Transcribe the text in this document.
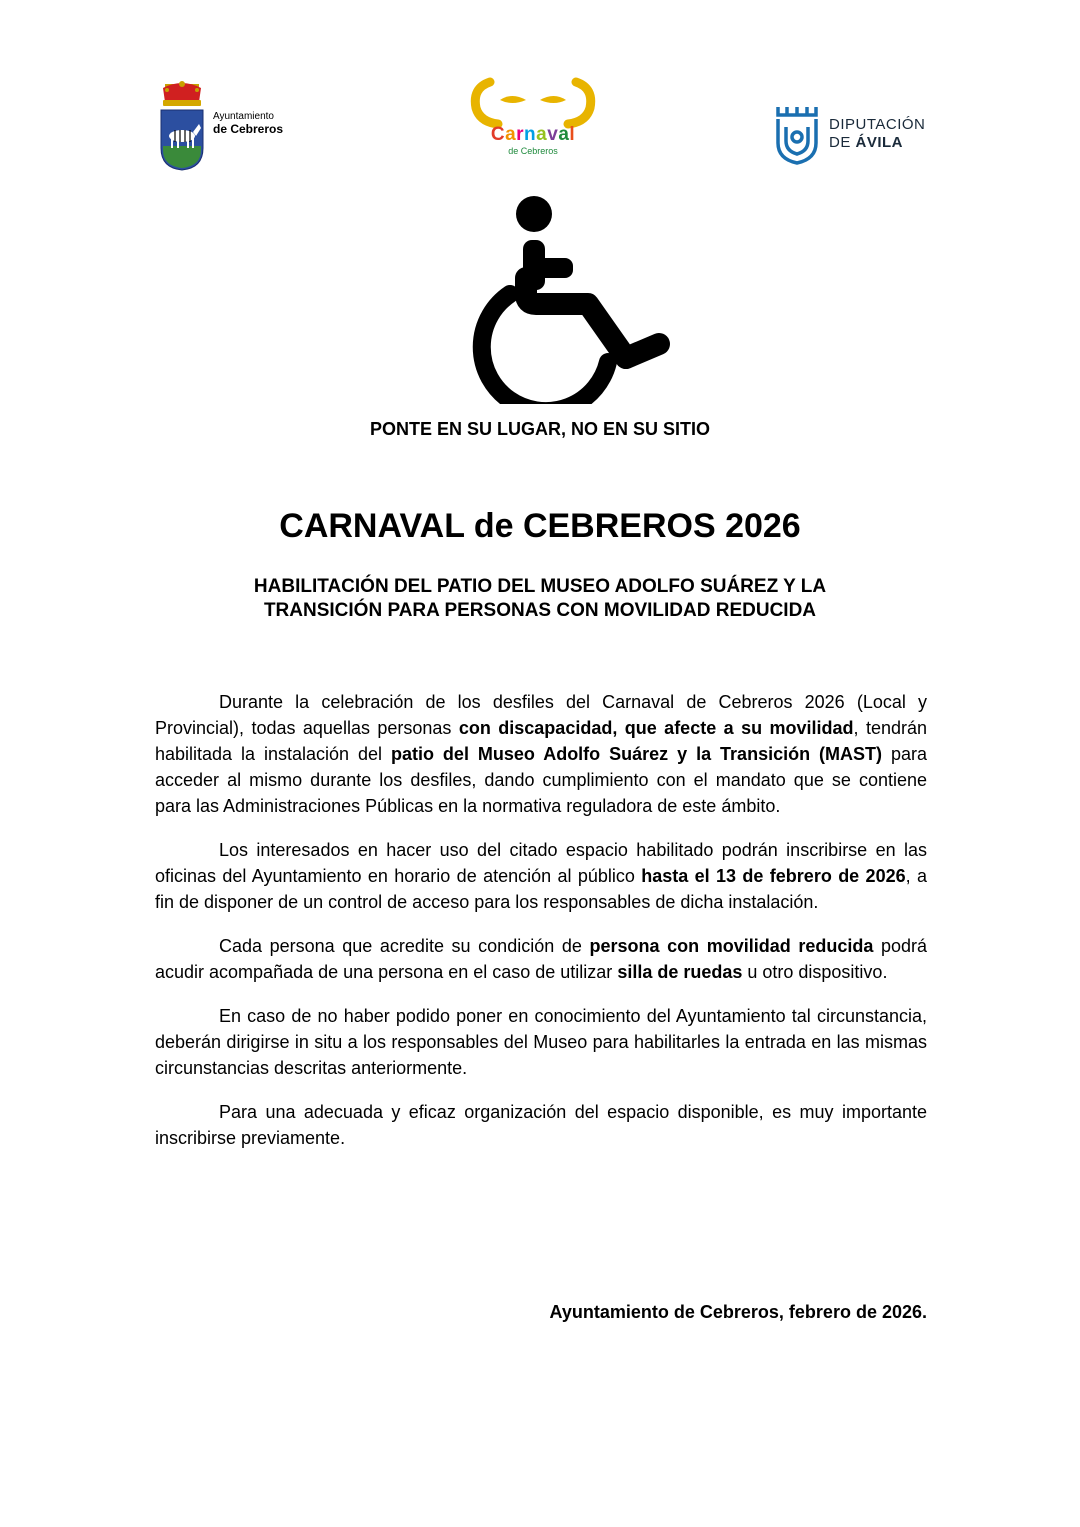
Ayuntamiento
de Cebreros	Carnaval
de Cebreros
DIPUTACIÓN
DE ÁVILA
PONTE EN SU LUGAR, NO EN SU SITIO
CARNAVAL de CEBREROS 2026
HABILITACIÓN DEL PATIO DEL MUSEO ADOLFO SUÁREZ Y LA
TRANSICIÓN PARA PERSONAS CON MOVILIDAD REDUCIDA

Durante la celebración de los desfiles del Carnaval de Cebreros 2026 (Local y Provincial), todas aquellas personas con discapacidad, que afecte a su movilidad, tendrán habilitada la instalación del patio del Museo Adolfo Suárez y la Transición (MAST) para acceder al mismo durante los desfiles, dando cumplimiento con el mandato que se contiene para las Administraciones Públicas en la normativa reguladora de este ámbito.

Los interesados en hacer uso del citado espacio habilitado podrán inscribirse en las oficinas del Ayuntamiento en horario de atención al público hasta el 13 de febrero de 2026, a fin de disponer de un control de acceso para los responsables de dicha instalación.

Cada persona que acredite su condición de persona con movilidad reducida podrá acudir acompañada de una persona en el caso de utilizar silla de ruedas u otro dispositivo.

En caso de no haber podido poner en conocimiento del Ayuntamiento tal circunstancia, deberán dirigirse in situ a los responsables del Museo para habilitarles la entrada en las mismas circunstancias descritas anteriormente.

Para una adecuada y eficaz organización del espacio disponible, es muy importante inscribirse previamente.

Ayuntamiento de Cebreros, febrero de 2026.
